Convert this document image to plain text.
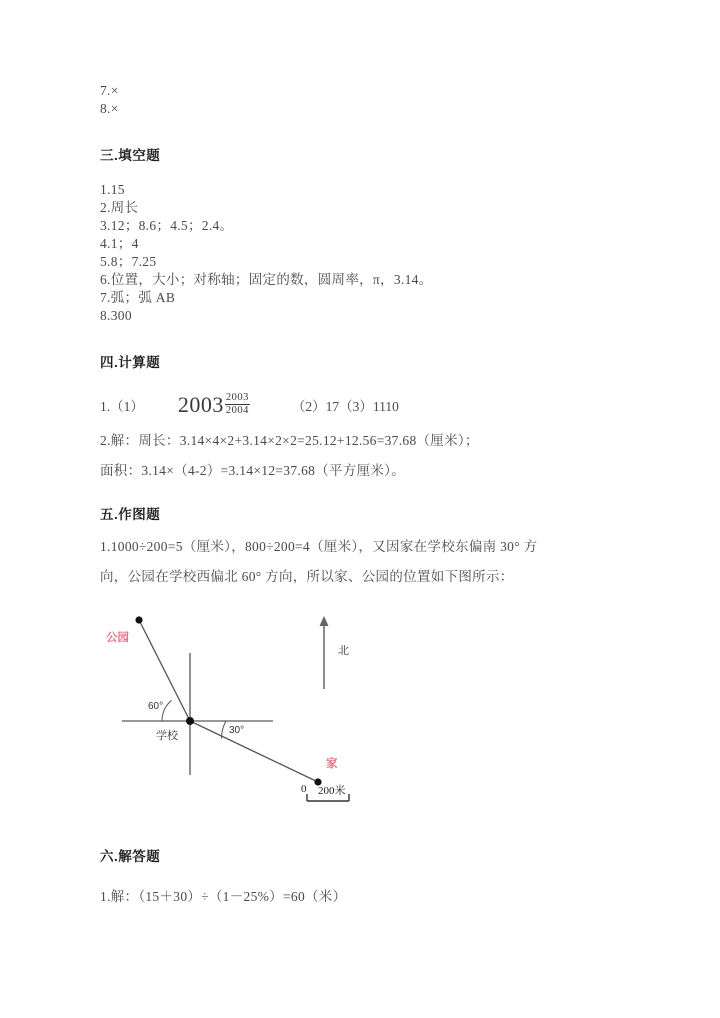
7.×
8.×
三.填空题
1.15
2.周长
3.12；8.6；4.5；2.4。
4.1；4
5.8；7.25
6.位置，大小；对称轴；固定的数，圆周率，π，3.14。
7.弧；弧 AB
8.300
四.计算题
1.（1） $2003 \frac{2003}{2004}$	（2）17（3）1110
2.解：周长：3.14×4×2+3.14×2×2=25.12+12.56=37.68（厘米）；
面积：3.14×（4-2）=3.14×12=37.68（平方厘米）。
五.作图题
1.1000÷200=5（厘米），800÷200=4（厘米），又因家在学校东偏南 30° 方
向，公园在学校西偏北 60° 方向，所以家、公园的位置如下图所示：
公园
家
学校
北
60°
30°
0 200米
六.解答题
1.解：（15＋30）÷（1－25%）=60（米）
